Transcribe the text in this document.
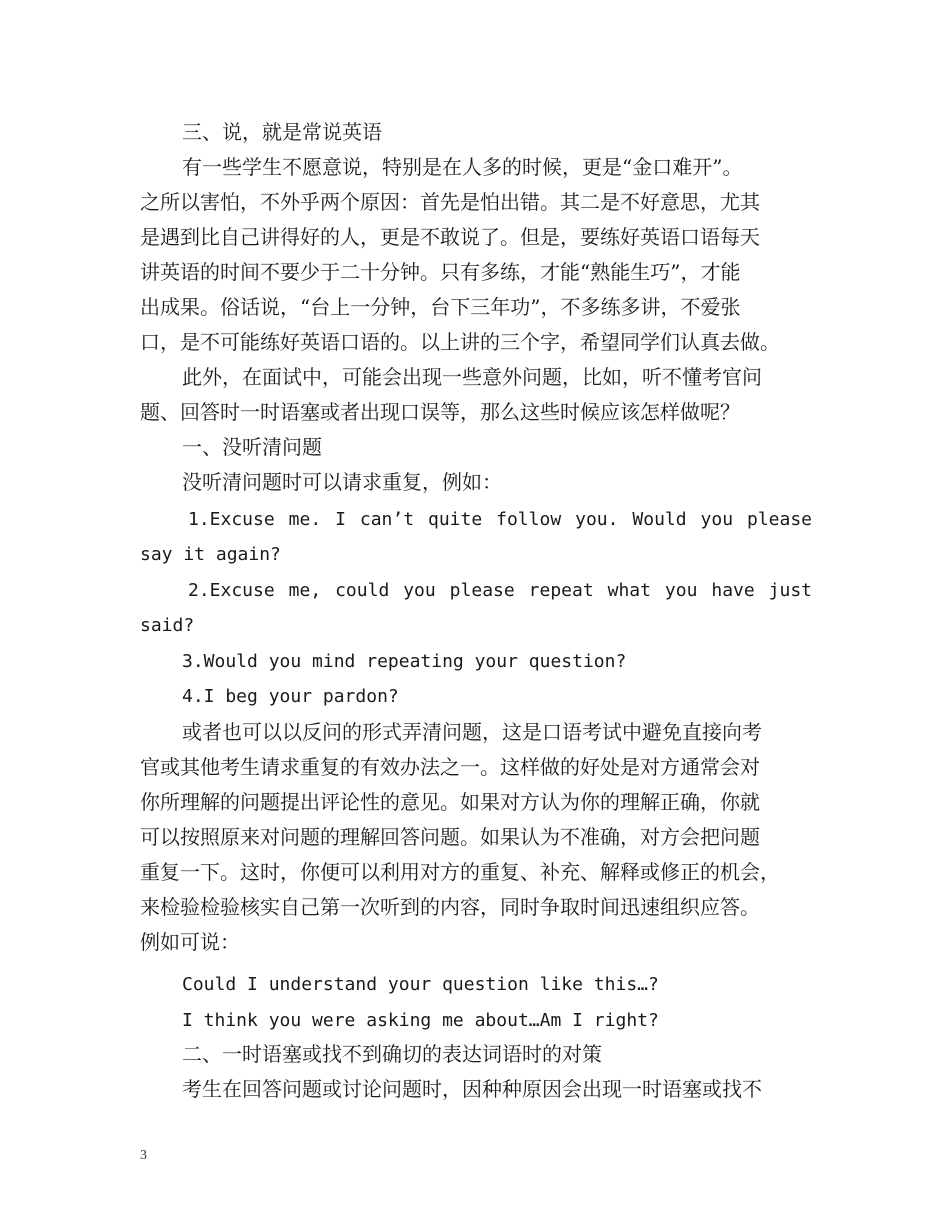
三、说，就是常说英语
有一些学生不愿意说，特别是在人多的时候，更是“金口难开”。
之所以害怕，不外乎两个原因：首先是怕出错。其二是不好意思，尤其
是遇到比自己讲得好的人，更是不敢说了。但是，要练好英语口语每天
讲英语的时间不要少于二十分钟。只有多练，才能“熟能生巧”，才能
出成果。俗话说，“台上一分钟，台下三年功”，不多练多讲，不爱张
口，是不可能练好英语口语的。以上讲的三个字，希望同学们认真去做。
此外，在面试中，可能会出现一些意外问题，比如，听不懂考官问
题、回答时一时语塞或者出现口误等，那么这些时候应该怎样做呢？
一、没听清问题
没听清问题时可以请求重复，例如：
1.Excuse me. I can’t quite follow you. Would you please
say it again?
2.Excuse me, could you please repeat what you have just
said?
3.Would you mind repeating your question?
4.I beg your pardon?
或者也可以以反问的形式弄清问题，这是口语考试中避免直接向考
官或其他考生请求重复的有效办法之一。这样做的好处是对方通常会对
你所理解的问题提出评论性的意见。如果对方认为你的理解正确，你就
可以按照原来对问题的理解回答问题。如果认为不准确，对方会把问题
重复一下。这时，你便可以利用对方的重复、补充、解释或修正的机会，
来检验检验核实自己第一次听到的内容，同时争取时间迅速组织应答。
例如可说：
Could I understand your question like this…?
I think you were asking me about…Am I right?
二、一时语塞或找不到确切的表达词语时的对策
考生在回答问题或讨论问题时，因种种原因会出现一时语塞或找不
3
